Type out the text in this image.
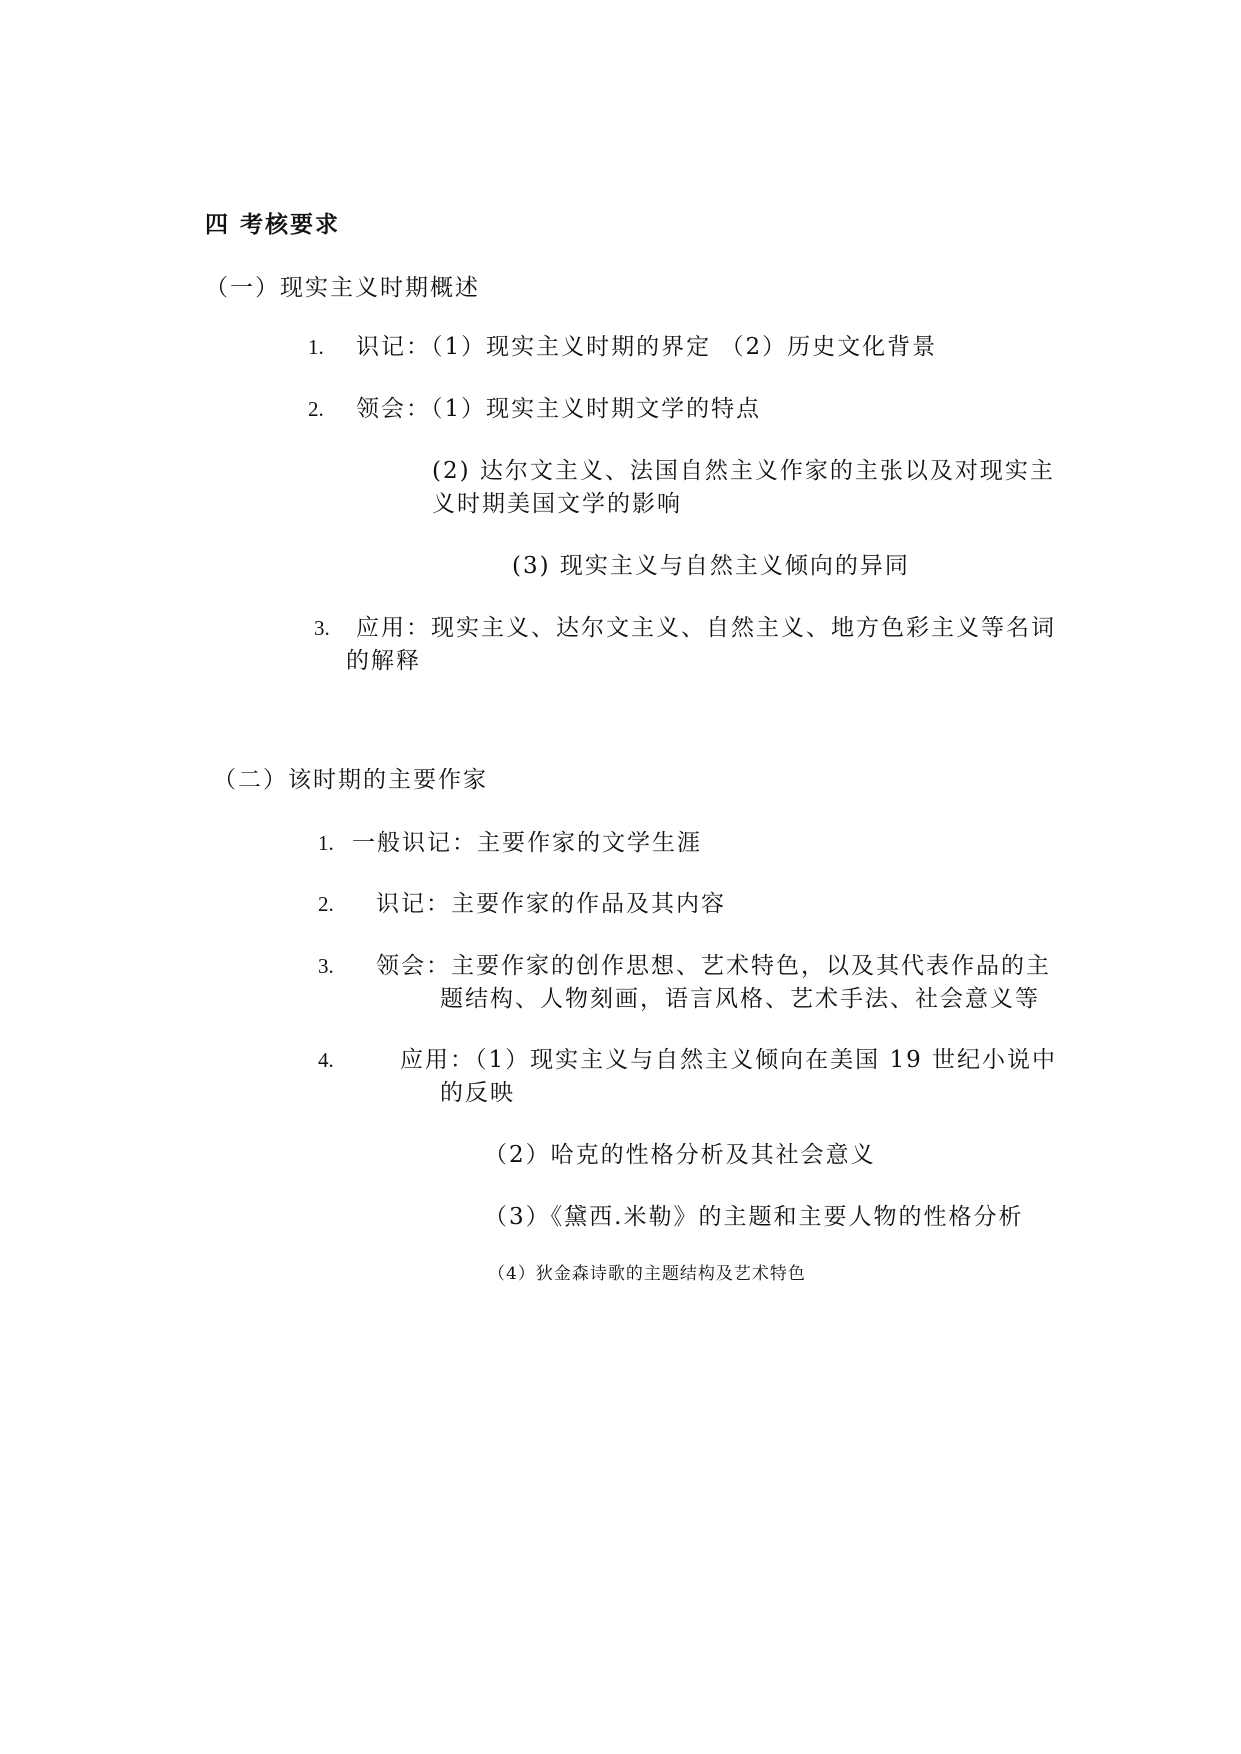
四 考核要求
（一）现实主义时期概述
1. 识记：（1）现实主义时期的界定 （2）历史文化背景
2. 领会：（1）现实主义时期文学的特点
(2) 达尔文主义、法国自然主义作家的主张以及对现实主
义时期美国文学的影响
(3) 现实主义与自然主义倾向的异同
3. 应用：现实主义、达尔文主义、自然主义、地方色彩主义等名词
的解释
（二）该时期的主要作家
1. 一般识记：主要作家的文学生涯
2. 识记：主要作家的作品及其内容
3. 领会：主要作家的创作思想、艺术特色，以及其代表作品的主
题结构、人物刻画，语言风格、艺术手法、社会意义等
4.	应用：（1）现实主义与自然主义倾向在美国 19 世纪小说中
的反映
（2）哈克的性格分析及其社会意义
（3）《黛西.米勒》的主题和主要人物的性格分析
（4）狄金森诗歌的主题结构及艺术特色
